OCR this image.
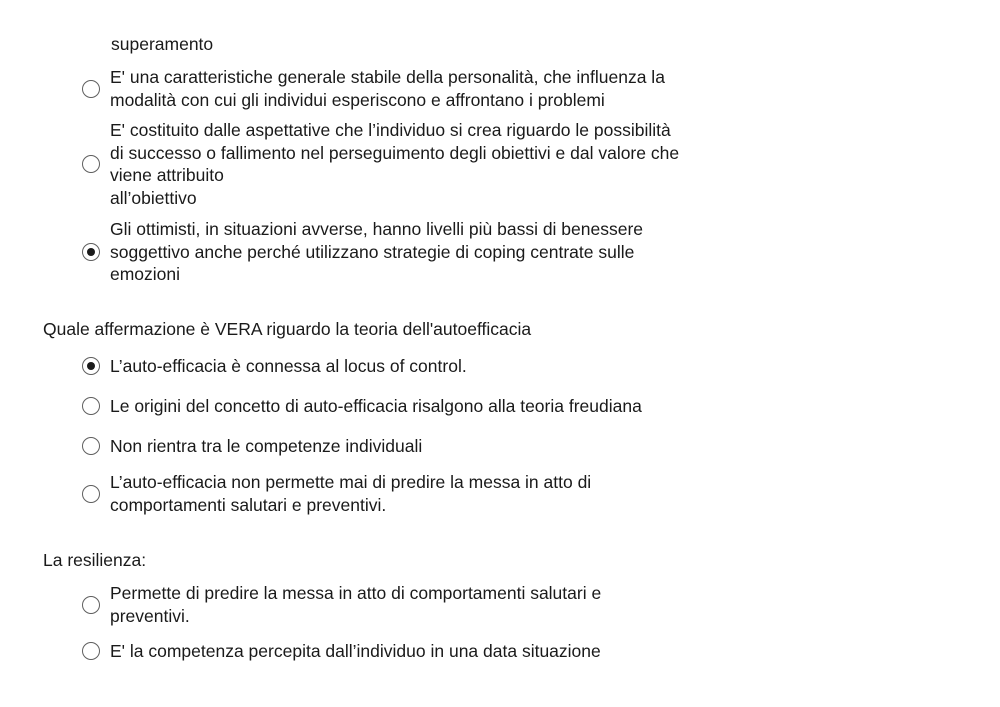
superamento
E' una caratteristiche generale stabile della personalità, che influenza la
modalità con cui gli individui esperiscono e affrontano i problemi
E' costituito dalle aspettative che l’individuo si crea riguardo le possibilità
di successo o fallimento nel perseguimento degli obiettivi e dal valore che
viene attribuito
all’obiettivo
Gli ottimisti, in situazioni avverse, hanno livelli più bassi di benessere
soggettivo anche perché utilizzano strategie di coping centrate sulle
emozioni
Quale affermazione è VERA riguardo la teoria dell'autoefficacia
L’auto-efficacia è connessa al locus of control.
Le origini del concetto di auto-efficacia risalgono alla teoria freudiana
Non rientra tra le competenze individuali
L’auto-efficacia non permette mai di predire la messa in atto di
comportamenti salutari e preventivi.
La resilienza:
Permette di predire la messa in atto di comportamenti salutari e
preventivi.
E' la competenza percepita dall’individuo in una data situazione
